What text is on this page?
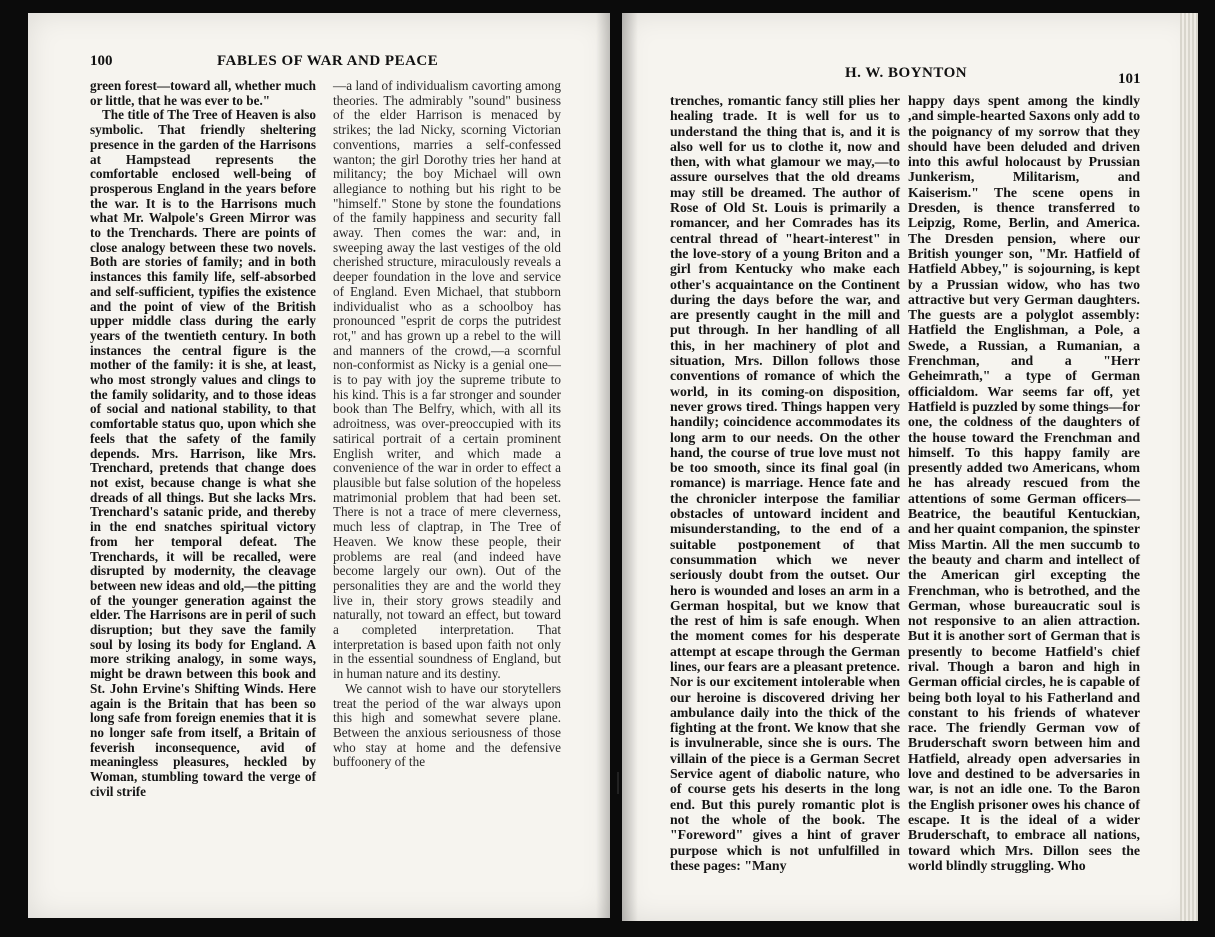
100	FABLES OF WAR AND PEACE

green forest—toward all, whether much or little, that he was ever to be."

The title of The Tree of Heaven is also symbolic. That friendly sheltering presence in the garden of the Harrisons at Hampstead represents the comfortable enclosed well-being of prosperous England in the years before the war. It is to the Harrisons much what Mr. Walpole's Green Mirror was to the Trenchards. There are points of close analogy between these two novels. Both are stories of family; and in both instances this family life, self-absorbed and self-sufficient, typifies the existence and the point of view of the British upper middle class during the early years of the twentieth century. In both instances the central figure is the mother of the family: it is she, at least, who most strongly values and clings to the family solidarity, and to those ideas of social and national stability, to that comfortable status quo, upon which she feels that the safety of the family depends. Mrs. Harrison, like Mrs. Trenchard, pretends that change does not exist, because change is what she dreads of all things. But she lacks Mrs. Trenchard's satanic pride, and thereby in the end snatches spiritual victory from her temporal defeat. The Trenchards, it will be recalled, were disrupted by modernity, the cleavage between new ideas and old,—the pitting of the younger generation against the elder. The Harrisons are in peril of such disruption; but they save the family soul by losing its body for England. A more striking analogy, in some ways, might be drawn between this book and St. John Ervine's Shifting Winds. Here again is the Britain that has been so long safe from foreign enemies that it is no longer safe from itself, a Britain of feverish inconsequence, avid of meaningless pleasures, heckled by Woman, stumbling toward the verge of civil strife

—a land of individualism cavorting among theories. The admirably "sound" business of the elder Harrison is menaced by strikes; the lad Nicky, scorning Victorian conventions, marries a self-confessed wanton; the girl Dorothy tries her hand at militancy; the boy Michael will own allegiance to nothing but his right to be "himself." Stone by stone the foundations of the family happiness and security fall away. Then comes the war: and, in sweeping away the last vestiges of the old cherished structure, miraculously reveals a deeper foundation in the love and service of England. Even Michael, that stubborn individualist who as a schoolboy has pronounced "esprit de corps the putridest rot," and has grown up a rebel to the will and manners of the crowd,—a scornful non-conformist as Nicky is a genial one—is to pay with joy the supreme tribute to his kind. This is a far stronger and sounder book than The Belfry, which, with all its adroitness, was over-preoccupied with its satirical portrait of a certain prominent English writer, and which made a convenience of the war in order to effect a plausible but false solution of the hopeless matrimonial problem that had been set. There is not a trace of mere cleverness, much less of claptrap, in The Tree of Heaven. We know these people, their problems are real (and indeed have become largely our own). Out of the personalities they are and the world they live in, their story grows steadily and naturally, not toward an effect, but toward a completed interpretation. That interpretation is based upon faith not only in the essential soundness of England, but in human nature and its destiny.

We cannot wish to have our storytellers treat the period of the war always upon this high and somewhat severe plane. Between the anxious seriousness of those who stay at home and the defensive buffoonery of the

H. W. BOYNTON	101

trenches, romantic fancy still plies her healing trade. It is well for us to understand the thing that is, and it is also well for us to clothe it, now and then, with what glamour we may,—to assure ourselves that the old dreams may still be dreamed. The author of Rose of Old St. Louis is primarily a romancer, and her Comrades has its central thread of "heart-interest" in the love-story of a young Briton and a girl from Kentucky who make each other's acquaintance on the Continent during the days before the war, and are presently caught in the mill and put through. In her handling of all this, in her machinery of plot and situation, Mrs. Dillon follows those conventions of romance of which the world, in its coming-on disposition, never grows tired. Things happen very handily; coincidence accommodates its long arm to our needs. On the other hand, the course of true love must not be too smooth, since its final goal (in romance) is marriage. Hence fate and the chronicler interpose the familiar obstacles of untoward incident and misunderstanding, to the end of a suitable postponement of that consummation which we never seriously doubt from the outset. Our hero is wounded and loses an arm in a German hospital, but we know that the rest of him is safe enough. When the moment comes for his desperate attempt at escape through the German lines, our fears are a pleasant pretence. Nor is our excitement intolerable when our heroine is discovered driving her ambulance daily into the thick of the fighting at the front. We know that she is invulnerable, since she is ours. The villain of the piece is a German Secret Service agent of diabolic nature, who of course gets his deserts in the long end. But this purely romantic plot is not the whole of the book. The "Foreword" gives a hint of graver purpose which is not unfulfilled in these pages: "Many

happy days spent among the kindly ,and simple-hearted Saxons only add to the poignancy of my sorrow that they should have been deluded and driven into this awful holocaust by Prussian Junkerism, Militarism, and Kaiserism." The scene opens in Dresden, is thence transferred to Leipzig, Rome, Berlin, and America. The Dresden pension, where our British younger son, "Mr. Hatfield of Hatfield Abbey," is sojourning, is kept by a Prussian widow, who has two attractive but very German daughters. The guests are a polyglot assembly: Hatfield the Englishman, a Pole, a Swede, a Russian, a Rumanian, a Frenchman, and a "Herr Geheimrath," a type of German officialdom. War seems far off, yet Hatfield is puzzled by some things—for one, the coldness of the daughters of the house toward the Frenchman and himself. To this happy family are presently added two Americans, whom he has already rescued from the attentions of some German officers—Beatrice, the beautiful Kentuckian, and her quaint companion, the spinster Miss Martin. All the men succumb to the beauty and charm and intellect of the American girl excepting the Frenchman, who is betrothed, and the German, whose bureaucratic soul is not responsive to an alien attraction. But it is another sort of German that is presently to become Hatfield's chief rival. Though a baron and high in German official circles, he is capable of being both loyal to his Fatherland and constant to his friends of whatever race. The friendly German vow of Bruderschaft sworn between him and Hatfield, already open adversaries in love and destined to be adversaries in war, is not an idle one. To the Baron the English prisoner owes his chance of escape. It is the ideal of a wider Bruderschaft, to embrace all nations, toward which Mrs. Dillon sees the world blindly struggling. Who
